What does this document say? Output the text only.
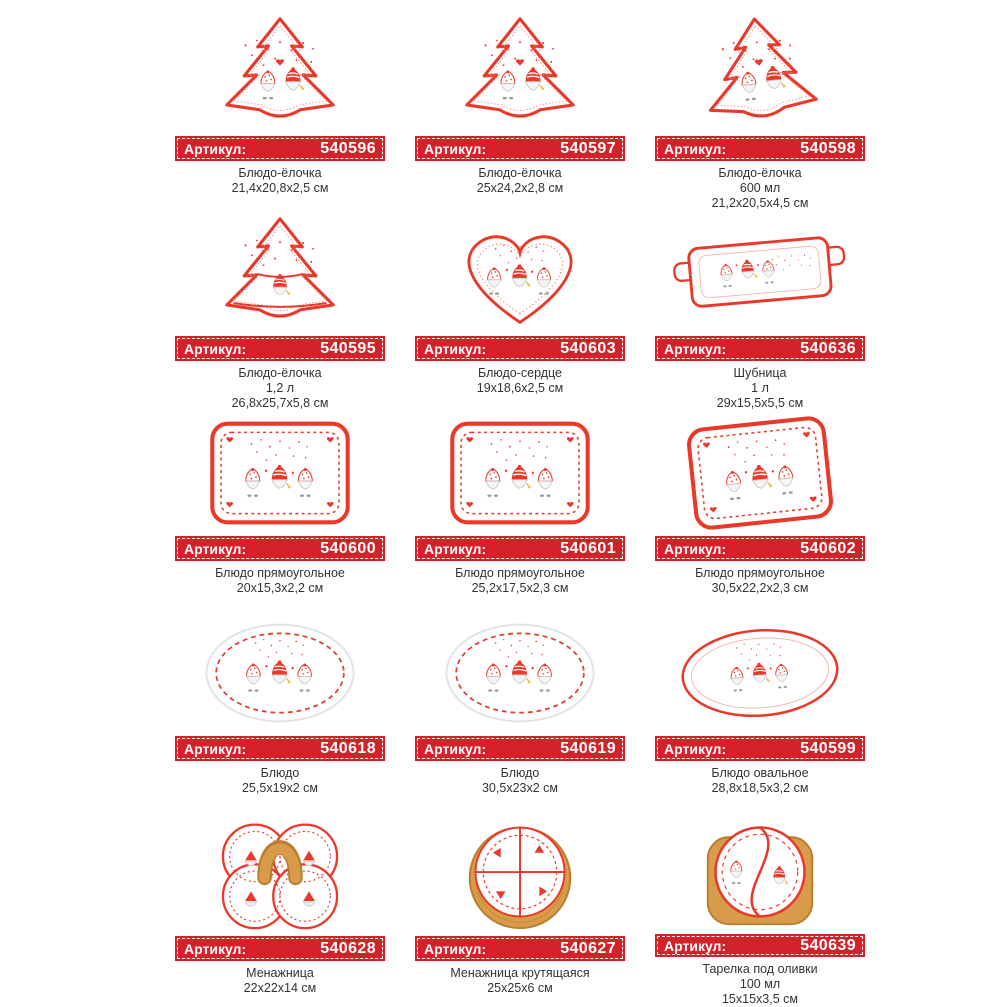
Артикул:	540596
Блюдо-ёлочка
21,4х20,8х2,5 см
Артикул:	540597
Блюдо-ёлочка
25х24,2х2,8 см
Артикул:	540598
Блюдо-ёлочка
600 мл
21,2х20,5х4,5 см
Артикул:	540595
Блюдо-ёлочка
1,2 л
26,8х25,7х5,8 см
Артикул:	540603
Блюдо-сердце
19х18,6х2,5 см
Артикул:	540636
Шубница
1 л
29х15,5х5,5 см
Артикул:	540600
Блюдо прямоугольное
20х15,3х2,2 см
Артикул:	540601
Блюдо прямоугольное
25,2х17,5х2,3 см
Артикул:	540602
Блюдо прямоугольное
30,5х22,2х2,3 см
Артикул:	540618
Блюдо
25,5х19х2 см
Артикул:	540619
Блюдо
30,5х23х2 см
Артикул:	540599
Блюдо овальное
28,8х18,5х3,2 см
Артикул:	540628
Менажница
22х22х14 см
Артикул:	540627
Менажница крутящаяся
25х25х6 см
Артикул:	540639
Тарелка под оливки
100 мл
15х15х3,5 см
